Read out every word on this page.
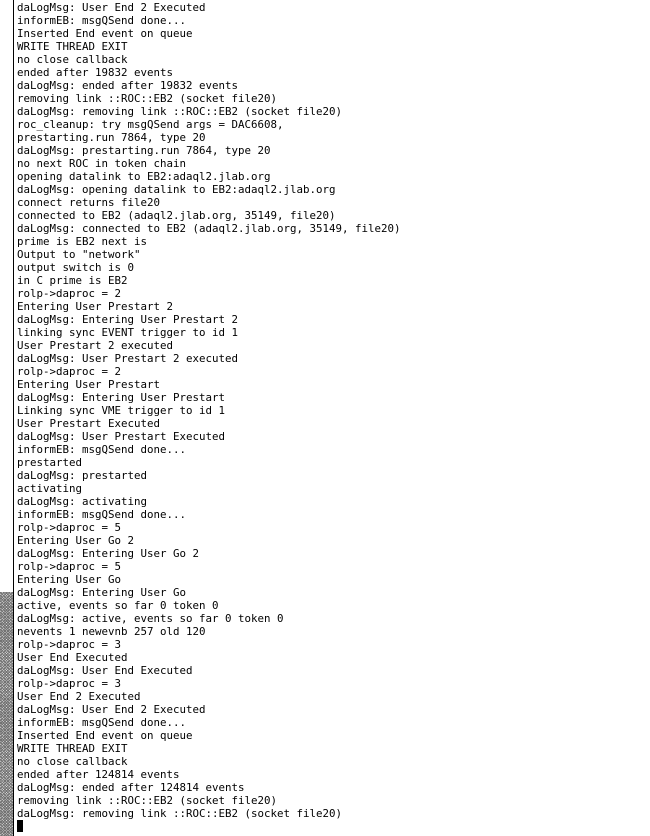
daLogMsg: User End 2 Executed
informEB: msgQSend done...
Inserted End event on queue
WRITE THREAD EXIT
no close callback
ended after 19832 events
daLogMsg: ended after 19832 events
removing link ::ROC::EB2 (socket file20)
daLogMsg: removing link ::ROC::EB2 (socket file20)
roc_cleanup: try msgQSend args = DAC6608,
prestarting.run 7864, type 20
daLogMsg: prestarting.run 7864, type 20
no next ROC in token chain
opening datalink to EB2:adaql2.jlab.org
daLogMsg: opening datalink to EB2:adaql2.jlab.org
connect returns file20
connected to EB2 (adaql2.jlab.org, 35149, file20)
daLogMsg: connected to EB2 (adaql2.jlab.org, 35149, file20)
prime is EB2 next is
Output to "network"
output switch is 0
in C prime is EB2
rolp->daproc = 2
Entering User Prestart 2
daLogMsg: Entering User Prestart 2
linking sync EVENT trigger to id 1
User Prestart 2 executed
daLogMsg: User Prestart 2 executed
rolp->daproc = 2
Entering User Prestart
daLogMsg: Entering User Prestart
Linking sync VME trigger to id 1
User Prestart Executed
daLogMsg: User Prestart Executed
informEB: msgQSend done...
prestarted
daLogMsg: prestarted
activating
daLogMsg: activating
informEB: msgQSend done...
rolp->daproc = 5
Entering User Go 2
daLogMsg: Entering User Go 2
rolp->daproc = 5
Entering User Go
daLogMsg: Entering User Go
active, events so far 0 token 0
daLogMsg: active, events so far 0 token 0
nevents 1 newevnb 257 old 120
rolp->daproc = 3
User End Executed
daLogMsg: User End Executed
rolp->daproc = 3
User End 2 Executed
daLogMsg: User End 2 Executed
informEB: msgQSend done...
Inserted End event on queue
WRITE THREAD EXIT
no close callback
ended after 124814 events
daLogMsg: ended after 124814 events
removing link ::ROC::EB2 (socket file20)
daLogMsg: removing link ::ROC::EB2 (socket file20)
